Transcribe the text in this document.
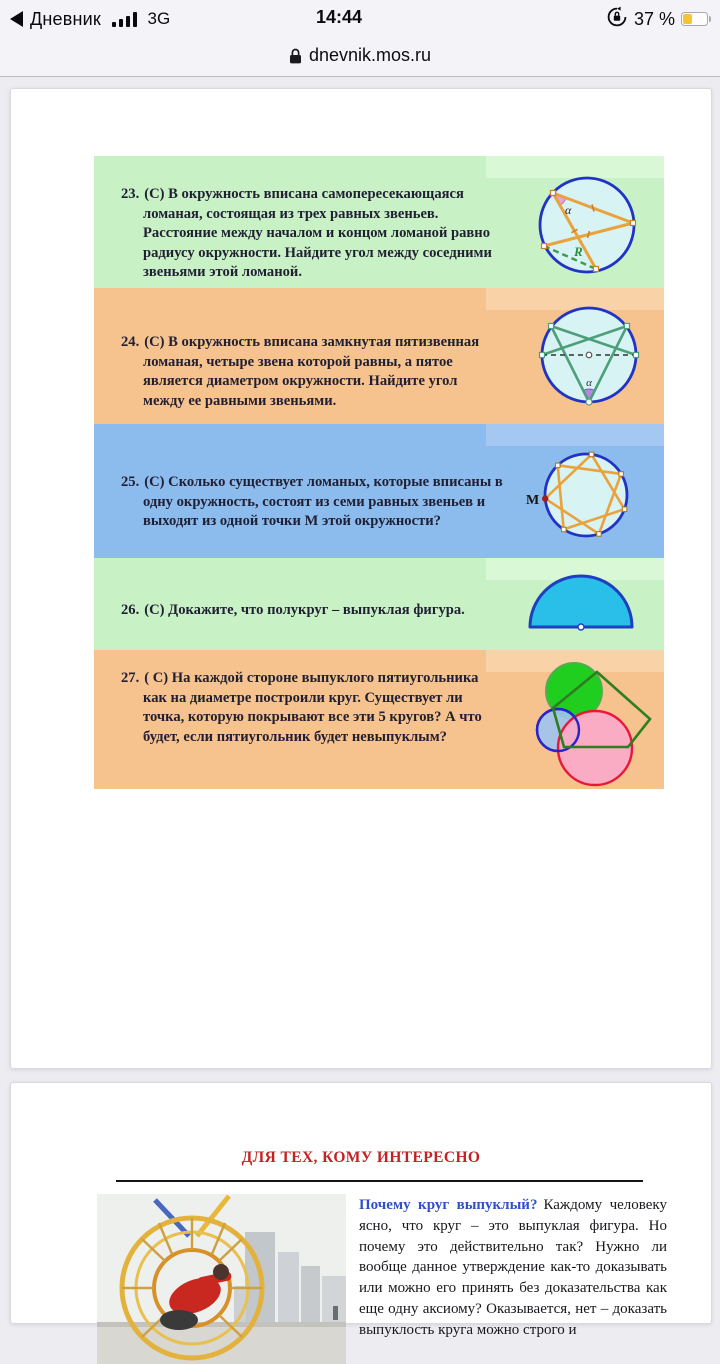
Дневник	3G	14:44	37 %
dnevnik.mos.ru
23. (С) В окружность вписана самопересекающаяся ломаная, состоящая из трех равных звеньев. Расстояние между началом и концом ломаной равно радиусу окружности. Найдите угол между соседними звеньями этой ломаной.
α
R
24. (С) В окружность вписана замкнутая пятизвенная ломаная, четыре звена которой равны, а пятое является диаметром окружности. Найдите угол между ее равными звеньями.
α
25. (С) Сколько существует ломаных, которые вписаны в одну окружность, состоят из семи равных звеньев и выходят из одной точки М этой окружности?
М
26. (С) Докажите, что полукруг – выпуклая фигура.
27. ( С) На каждой стороне выпуклого пятиугольника как на диаметре построили круг. Существует ли точка, которую покрывают все эти 5 кругов? А что будет, если пятиугольник будет невыпуклым?
ДЛЯ ТЕХ, КОМУ ИНТЕРЕСНО
Почему круг выпуклый? Каждому человеку ясно, что круг – это выпуклая фигура. Но почему это действительно так? Нужно ли вообще данное утверждение как-то доказывать или можно его принять без доказательства как еще одну аксиому? Оказывается, нет – доказать выпуклость круга можно строго и
